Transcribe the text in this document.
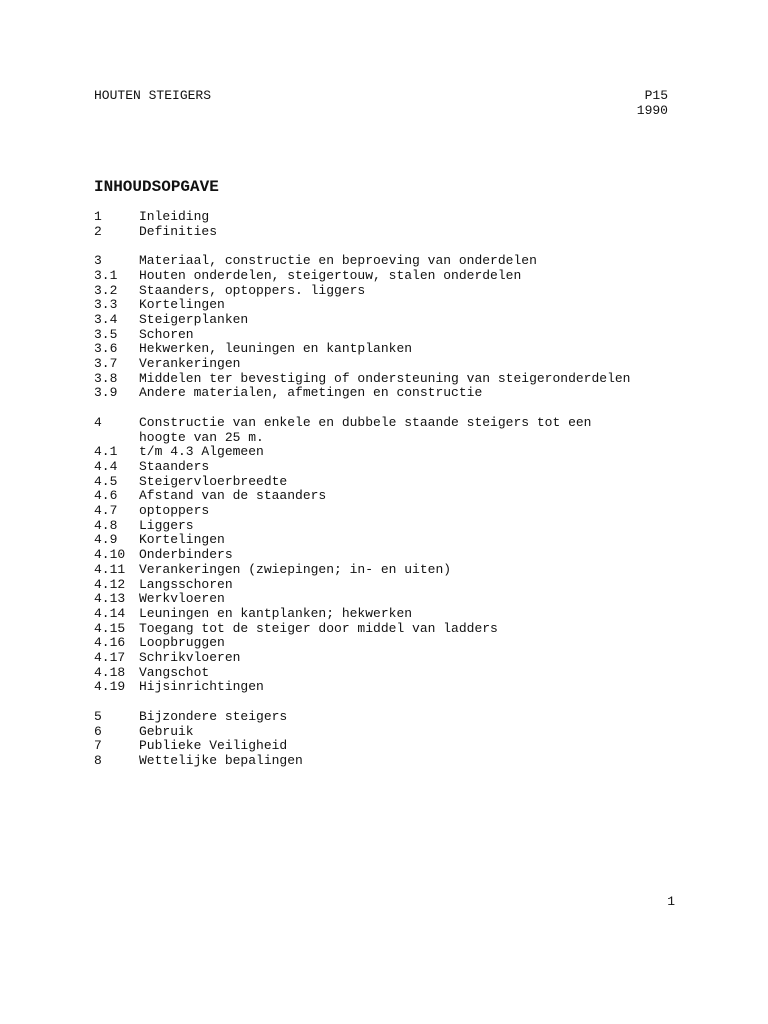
HOUTEN STEIGERS	P15
1990
INHOUDSOPGAVE
1	Inleiding
2	Definities
3	Materiaal, constructie en beproeving van onderdelen
3.1	Houten onderdelen, steigertouw, stalen onderdelen
3.2	Staanders, optoppers. liggers
3.3	Kortelingen
3.4	Steigerplanken
3.5	Schoren
3.6	Hekwerken, leuningen en kantplanken
3.7	Verankeringen
3.8	Middelen ter bevestiging of ondersteuning van steigeronderdelen
3.9	Andere materialen, afmetingen en constructie
4	Constructie van enkele en dubbele staande steigers tot een
hoogte van 25 m.
4.1	t/m 4.3 Algemeen
4.4	Staanders
4.5	Steigervloerbreedte
4.6	Afstand van de staanders
4.7	optoppers
4.8	Liggers
4.9	Kortelingen
4.10	Onderbinders
4.11	Verankeringen (zwiepingen; in- en uiten)
4.12	Langsschoren
4.13	Werkvloeren
4.14	Leuningen en kantplanken; hekwerken
4.15	Toegang tot de steiger door middel van ladders
4.16	Loopbruggen
4.17	Schrikvloeren
4.18	Vangschot
4.19	Hijsinrichtingen
5	Bijzondere steigers
6	Gebruik
7	Publieke Veiligheid
8	Wettelijke bepalingen
1
